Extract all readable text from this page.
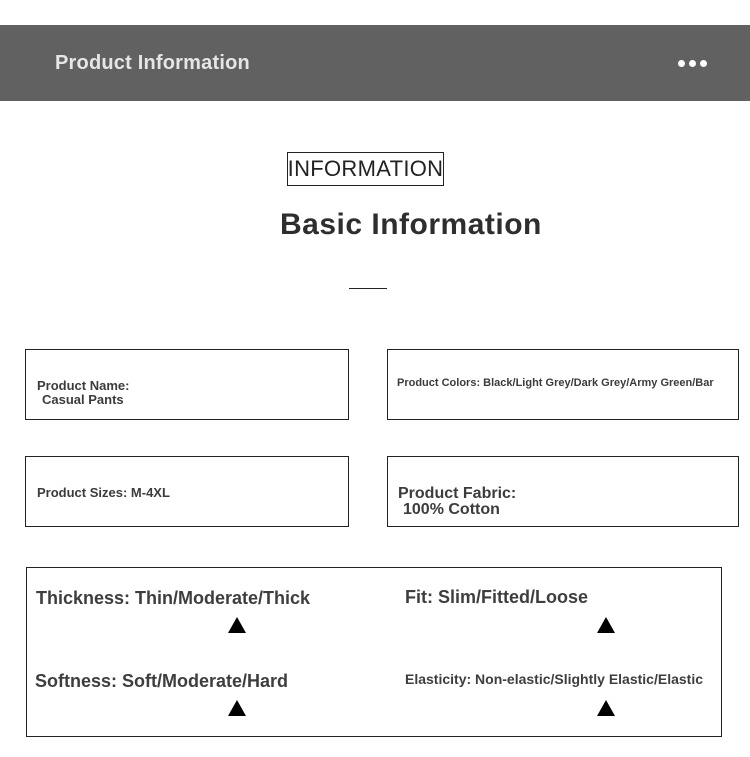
Product Information
INFORMATION
Basic Information
Product Name:
Casual Pants
Product Colors: Black/Light Grey/Dark Grey/Army Green/Bar
Product Sizes: M-4XL	Product Fabric:
100% Cotton
Thickness: Thin/Moderate/Thick	Fit: Slim/Fitted/Loose
Softness: Soft/Moderate/Hard	Elasticity: Non-elastic/Slightly Elastic/Elastic
